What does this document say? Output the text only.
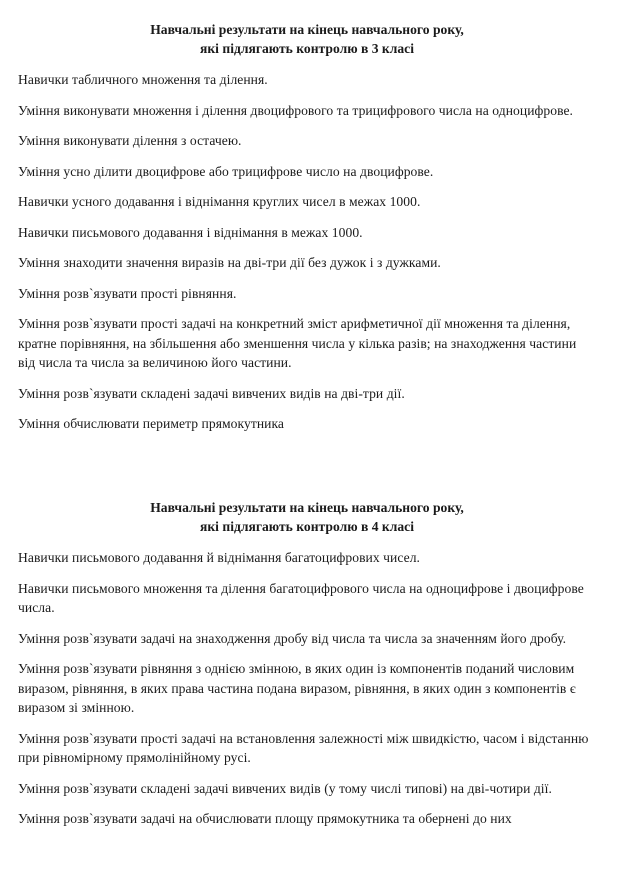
Навчальні результати на кінець навчального року,
які підлягають контролю в 3 класі

Навички табличного множення та ділення.

Уміння виконувати множення і ділення двоцифрового та трицифрового числа на одноцифрове.

Уміння виконувати ділення з остачею.

Уміння усно ділити двоцифрове або трицифрове число на двоцифрове.

Навички усного додавання і віднімання круглих чисел в межах 1000.

Навички письмового додавання і віднімання в межах 1000.

Уміння знаходити значення виразів на дві-три дії без дужок і з дужками.

Уміння розв`язувати прості рівняння.

Уміння розв`язувати прості задачі на конкретний зміст арифметичної дії множення та ділення, кратне порівняння, на збільшення або зменшення числа у кілька разів; на знаходження частини від числа та числа за величиною його частини.

Уміння розв`язувати складені задачі вивчених видів на дві-три дії.

Уміння обчислювати периметр прямокутника

Навчальні результати на кінець навчального року,
які підлягають контролю в 4 класі

Навички письмового додавання й віднімання багатоцифрових чисел.

Навички письмового множення та ділення багатоцифрового числа на одноцифрове і двоцифрове числа.

Уміння розв`язувати задачі на знаходження дробу від числа та числа за значенням його дробу.

Уміння розв`язувати рівняння з однією змінною, в яких один із компонентів поданий числовим виразом, рівняння, в яких права частина подана виразом, рівняння, в яких один з компонентів є виразом зі змінною.

Уміння розв`язувати прості задачі на встановлення залежності між швидкістю, часом і відстанню при рівномірному прямолінійному русі.

Уміння розв`язувати складені задачі вивчених видів (у тому числі типові) на дві-чотири дії.

Уміння розв`язувати задачі на обчислювати площу прямокутника та обернені до них
